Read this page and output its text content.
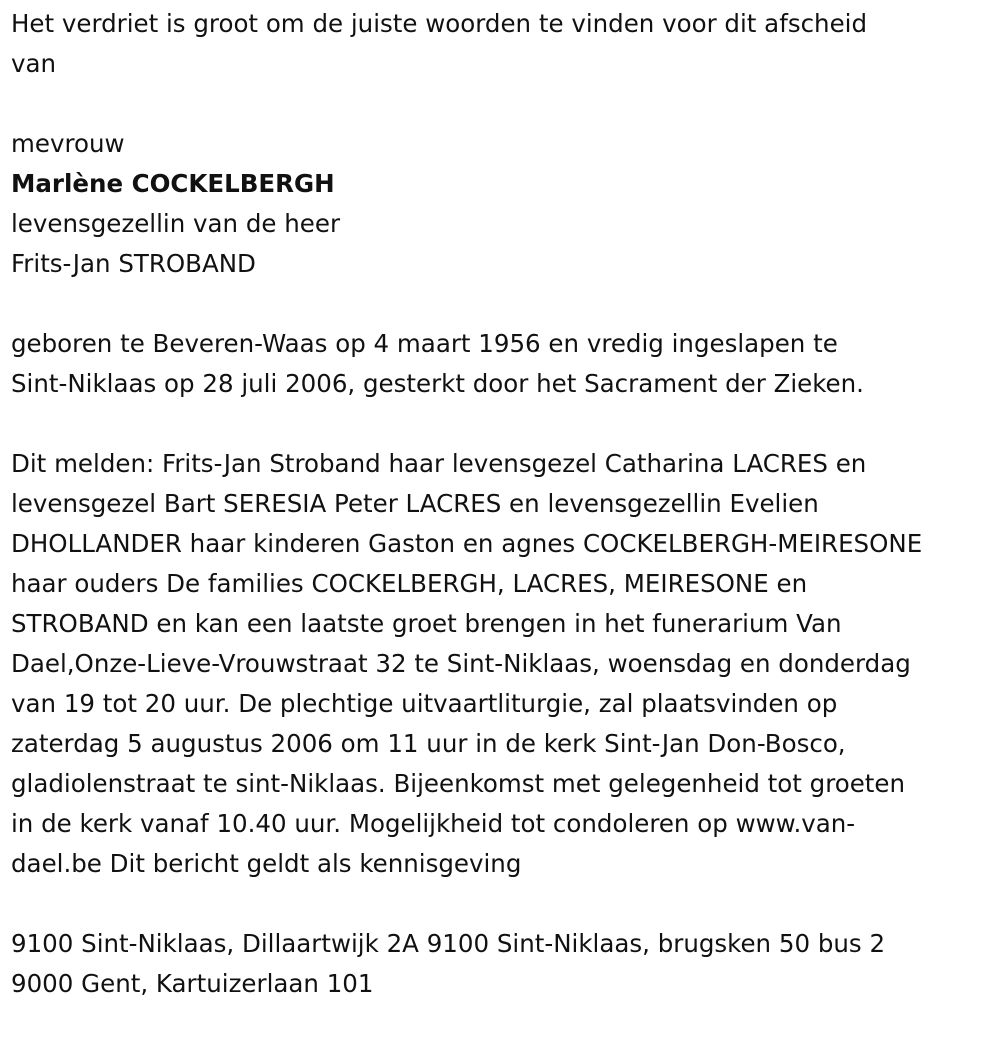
Het verdriet is groot om de juiste woorden te vinden voor dit afscheid
van

mevrouw
Marlène COCKELBERGH
levensgezellin van de heer
Frits-Jan STROBAND

geboren te Beveren-Waas op 4 maart 1956 en vredig ingeslapen te
Sint-Niklaas op 28 juli 2006, gesterkt door het Sacrament der Zieken.

Dit melden: Frits-Jan Stroband haar levensgezel Catharina LACRES en
levensgezel Bart SERESIA Peter LACRES en levensgezellin Evelien
DHOLLANDER haar kinderen Gaston en agnes COCKELBERGH-MEIRESONE
haar ouders De families COCKELBERGH, LACRES, MEIRESONE en
STROBAND en kan een laatste groet brengen in het funerarium Van
Dael,Onze-Lieve-Vrouwstraat 32 te Sint-Niklaas, woensdag en donderdag
van 19 tot 20 uur. De plechtige uitvaartliturgie, zal plaatsvinden op
zaterdag 5 augustus 2006 om 11 uur in de kerk Sint-Jan Don-Bosco,
gladiolenstraat te sint-Niklaas. Bijeenkomst met gelegenheid tot groeten
in de kerk vanaf 10.40 uur. Mogelijkheid tot condoleren op www.van-
dael.be Dit bericht geldt als kennisgeving

9100 Sint-Niklaas, Dillaartwijk 2A 9100 Sint-Niklaas, brugsken 50 bus 2
9000 Gent, Kartuizerlaan 101
